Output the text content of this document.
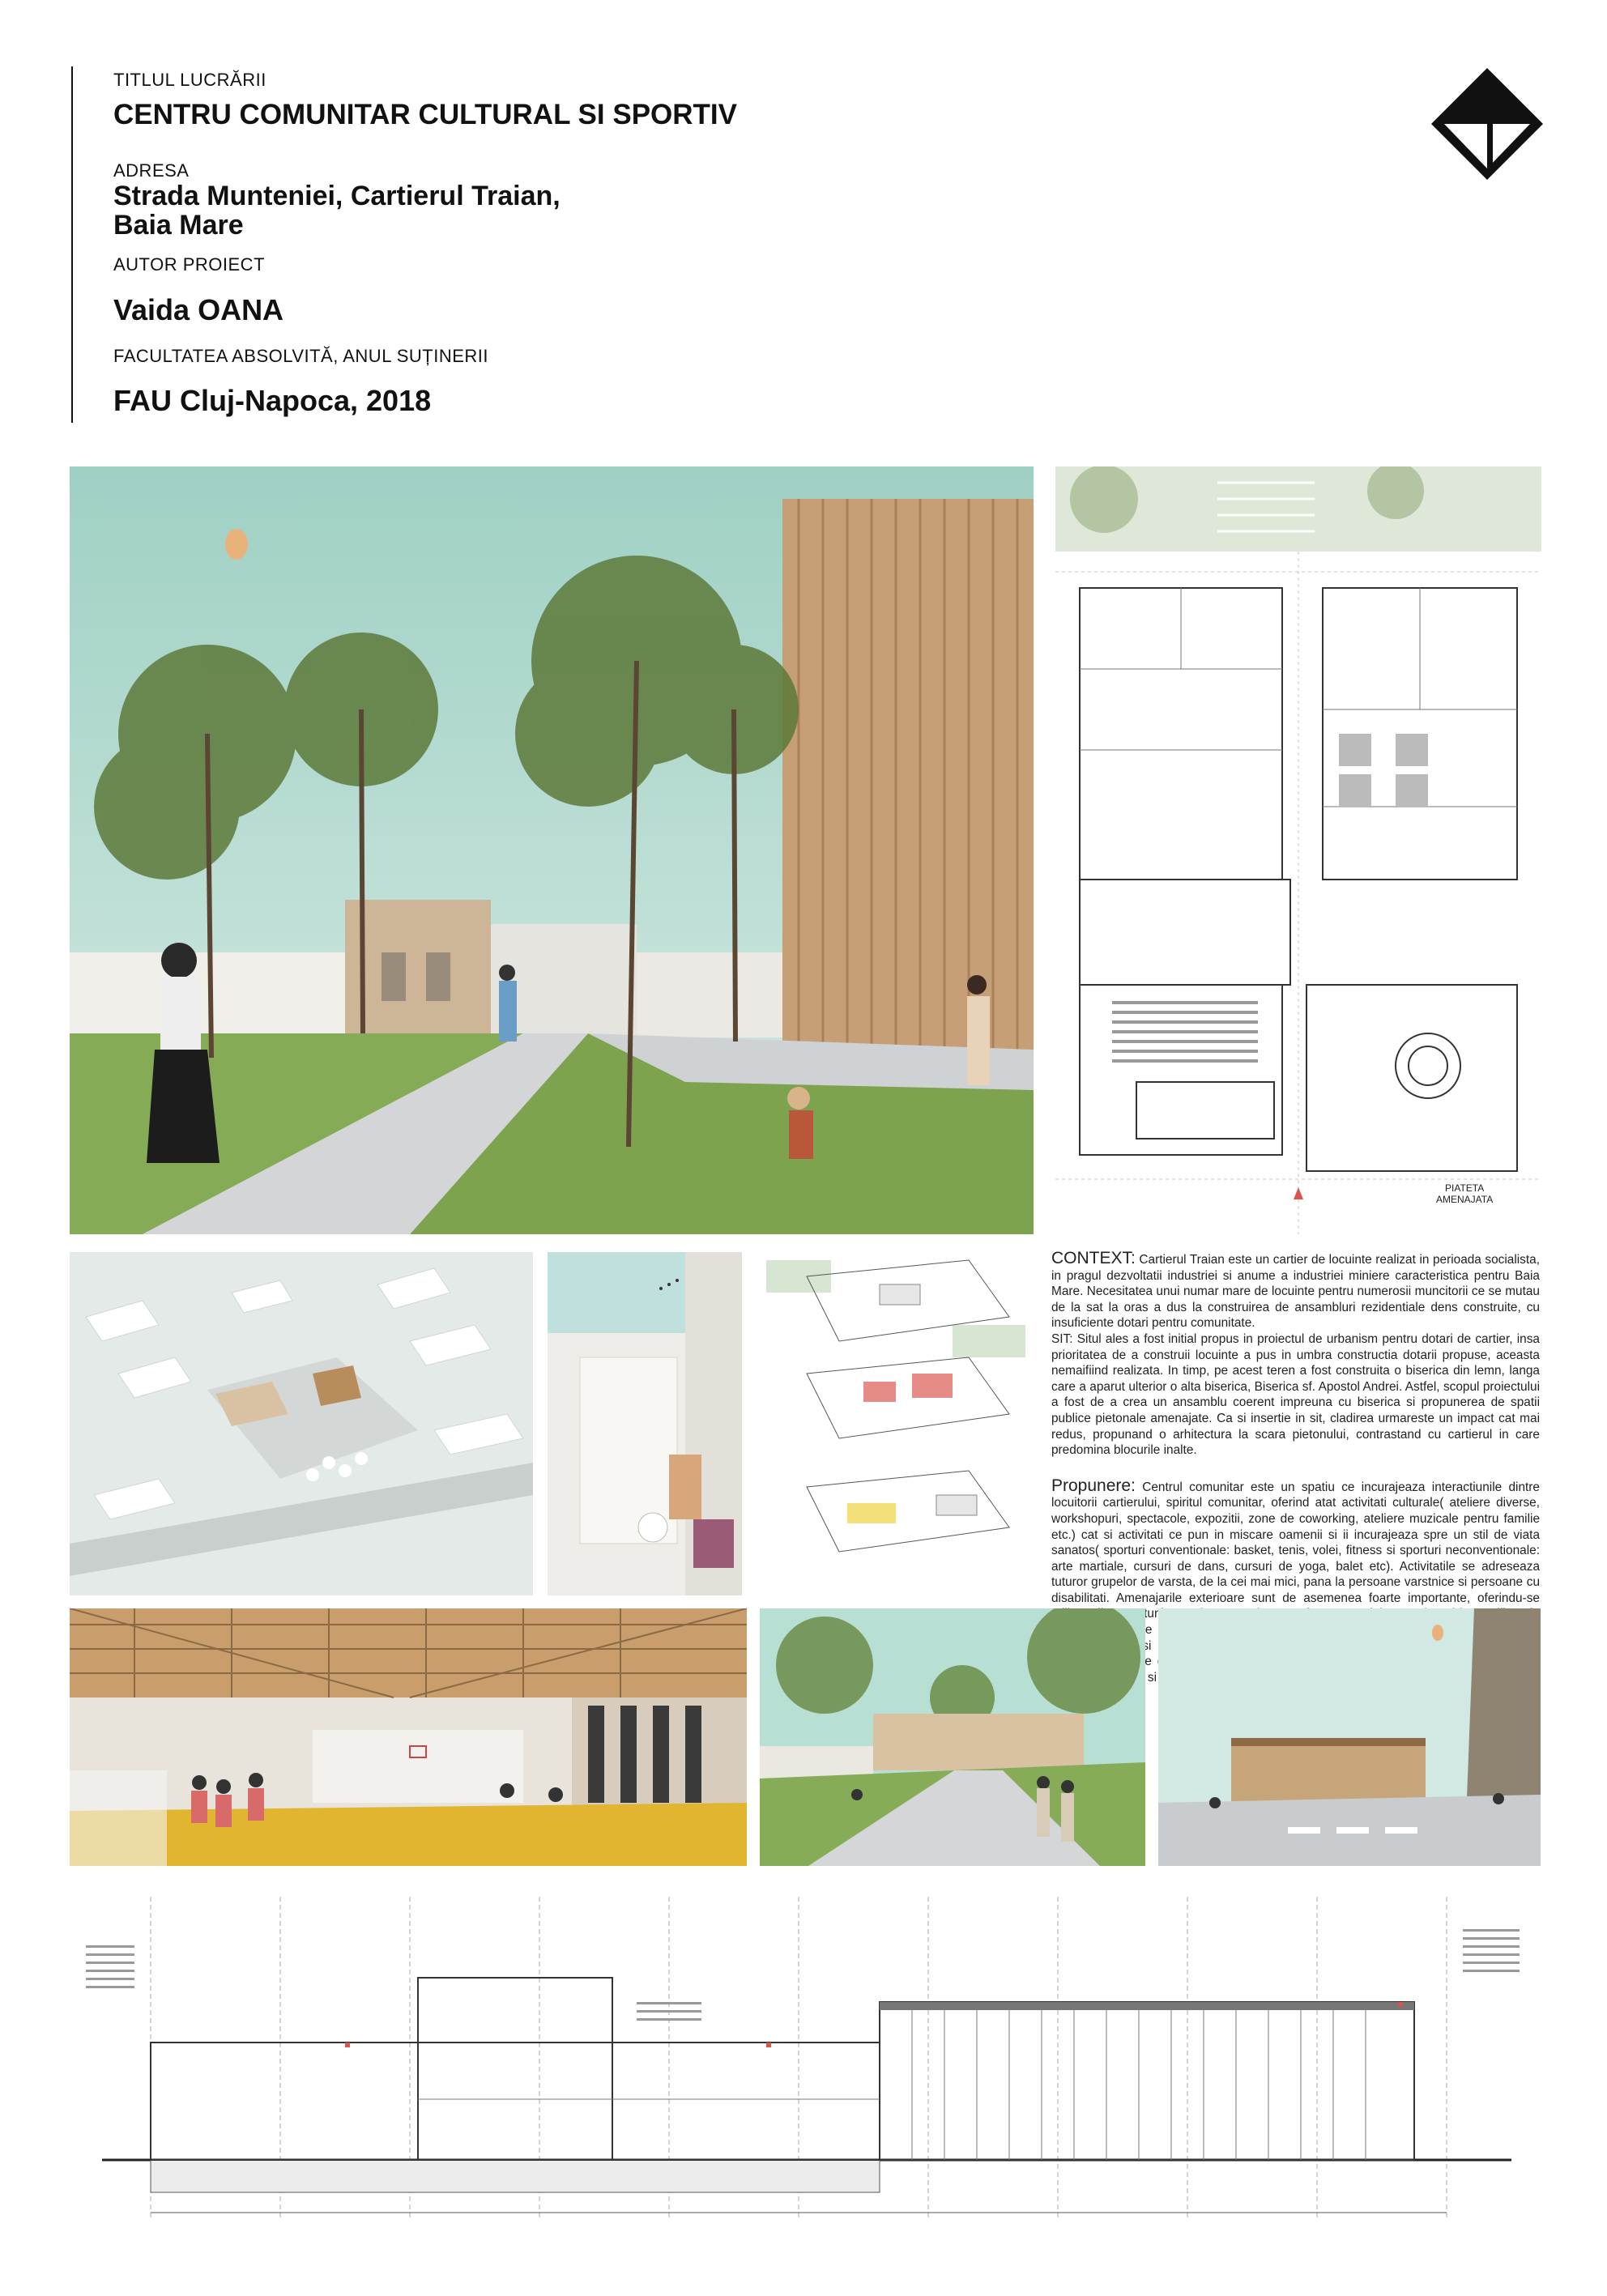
TITLUL LUCRĂRII
CENTRU COMUNITAR CULTURAL SI SPORTIV
ADRESA
Strada Munteniei, Cartierul Traian,
Baia Mare
AUTOR PROIECT
Vaida OANA
FACULTATEA ABSOLVITĂ, ANUL SUȚINERII
FAU Cluj-Napoca, 2018
PIATETA
AMENAJATA

CONTEXT: Cartierul Traian este un cartier de locuinte realizat in perioada socialista, in pragul dezvoltatii industriei si anume a industriei miniere caracteristica pentru Baia Mare. Necesitatea unui numar mare de locuinte pentru numerosii muncitorii ce se mutau de la sat la oras a dus la construirea de ansambluri rezidentiale dens construite, cu insuficiente dotari pentru comunitate.

SIT: Situl ales a fost initial propus in proiectul de urbanism pentru dotari de cartier, insa prioritatea de a construii locuinte a pus in umbra constructia dotarii propuse, aceasta nemaifiind realizata. In timp, pe acest teren a fost construita o biserica din lemn, langa care a aparut ulterior o alta biserica, Biserica sf. Apostol Andrei. Astfel, scopul proiectului a fost de a crea un ansamblu coerent impreuna cu biserica si propunerea de spatii publice pietonale amenajate. Ca si insertie in sit, cladirea urmareste un impact cat mai redus, propunand o arhitectura la scara pietonului, contrastand cu cartierul in care predomina blocurile inalte.

Propunere: Centrul comunitar este un spatiu ce incurajeaza interactiunile dintre locuitorii cartierului, spiritul comunitar, oferind atat activitati culturale( ateliere diverse, workshopuri, spectacole, expozitii, zone de coworking, ateliere muzicale pentru familie etc.) cat si activitati ce pun in miscare oamenii si ii incurajeaza spre un stil de viata sanatos( sporturi conventionale: basket, tenis, volei, fitness si sporturi neconventionale: arte martiale, cursuri de dans, cursuri de yoga, balet etc). Activitatile se adreseaza tuturor grupelor de varsta, de la cei mai mici, pana la persoane varstnice si persoane cu disabilitati. Amenajarile exterioare sunt de asemenea foarte importante, oferindu-se oportunitatea si si
